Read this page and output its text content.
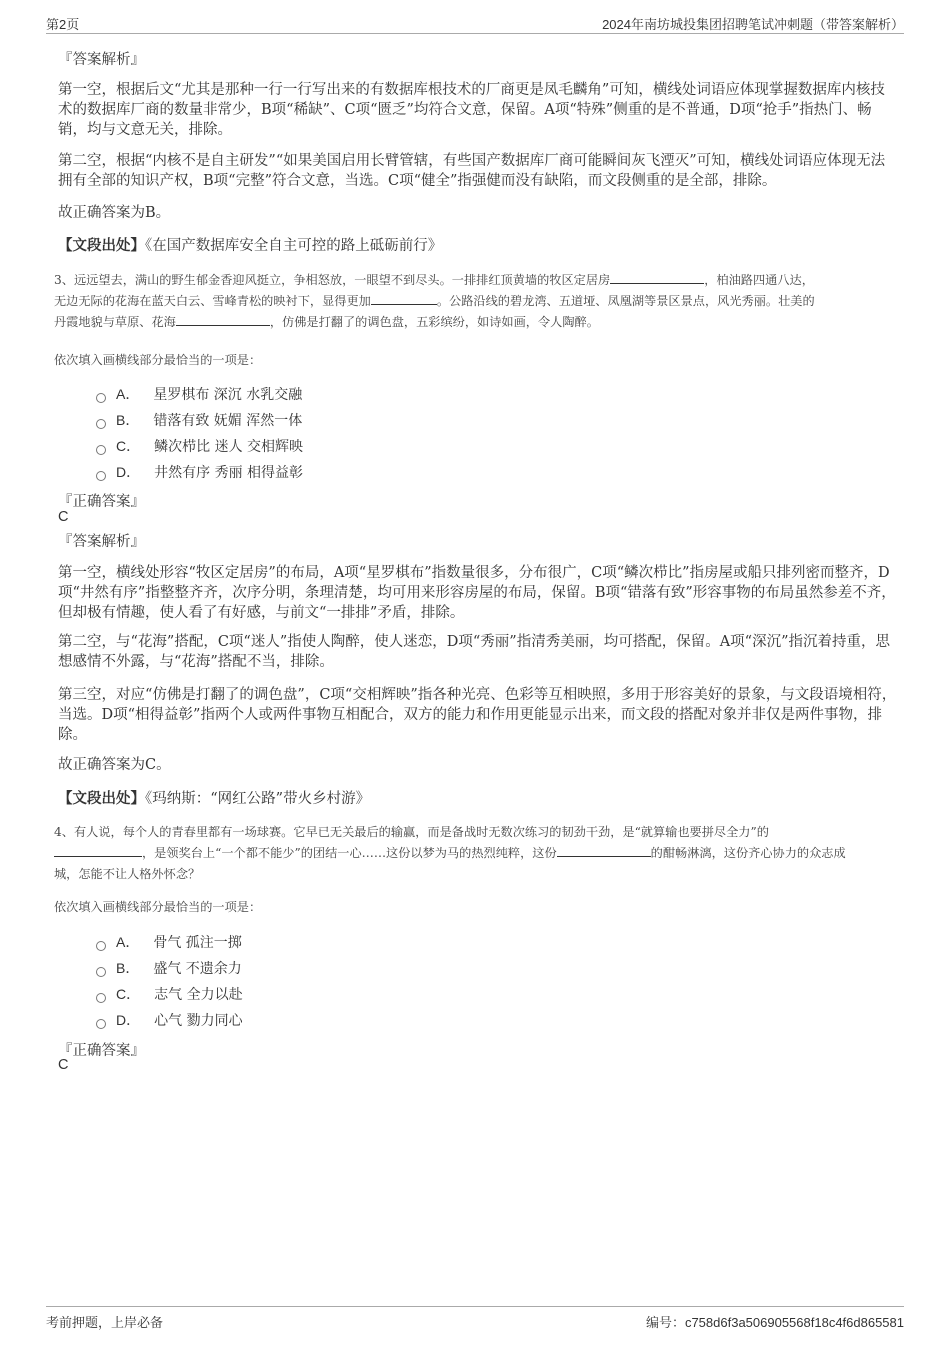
第2页	2024年南坊城投集团招聘笔试冲刺题（带答案解析）
『答案解析』
第一空，根据后文“尤其是那种一行一行写出来的有数据库根技术的厂商更是凤毛麟角”可知，横线处词语应体现掌握数据库内核技术的数据库厂商的数量非常少，B项“稀缺”、C项“匮乏”均符合文意，保留。A项“特殊”侧重的是不普通，D项“抢手”指热门、畅销，均与文意无关，排除。
第二空，根据“内核不是自主研发”“如果美国启用长臂管辖，有些国产数据库厂商可能瞬间灰飞湮灭”可知，横线处词语应体现无法拥有全部的知识产权，B项“完整”符合文意，当选。C项“健全”指强健而没有缺陷，而文段侧重的是全部，排除。
故正确答案为B。
【文段出处】《在国产数据库安全自主可控的路上砥砺前行》
3、远远望去，满山的野生郁金香迎风挺立，争相怒放，一眼望不到尽头。一排排红顶黄墙的牧区定居房	，柏油路四通八达，
无边无际的花海在蓝天白云、雪峰青松的映衬下，显得更加	。公路沿线的碧龙湾、五道垭、凤凰湖等景区景点，风光秀丽。壮美的
丹霞地貌与草原、花海	，仿佛是打翻了的调色盘，五彩缤纷，如诗如画，令人陶醉。
依次填入画横线部分最恰当的一项是：
A． 星罗棋布 深沉 水乳交融
B． 错落有致 妩媚 浑然一体
C． 鳞次栉比 迷人 交相辉映
D． 井然有序 秀丽 相得益彰
『正确答案』
C
『答案解析』
第一空，横线处形容“牧区定居房”的布局，A项“星罗棋布”指数量很多，分布很广，C项“鳞次栉比”指房屋或船只排列密而整齐，D项“井然有序”指整整齐齐，次序分明，条理清楚，均可用来形容房屋的布局，保留。B项“错落有致”形容事物的布局虽然参差不齐，但却极有情趣，使人看了有好感，与前文“一排排”矛盾，排除。
第二空，与“花海”搭配，C项“迷人”指使人陶醉，使人迷恋，D项“秀丽”指清秀美丽，均可搭配，保留。A项“深沉”指沉着持重，思想感情不外露，与“花海”搭配不当，排除。
第三空，对应“仿佛是打翻了的调色盘”，C项“交相辉映”指各种光亮、色彩等互相映照，多用于形容美好的景象，与文段语境相符，当选。D项“相得益彰”指两个人或两件事物互相配合，双方的能力和作用更能显示出来，而文段的搭配对象并非仅是两件事物，排除。
故正确答案为C。
【文段出处】《玛纳斯：“网红公路”带火乡村游》
4、有人说，每个人的青春里都有一场球赛。它早已无关最后的输赢，而是备战时无数次练习的韧劲干劲，是“就算输也要拼尽全力”的
，是领奖台上“一个都不能少”的团结一心……这份以梦为马的热烈纯粹，这份	的酣畅淋漓，这份齐心协力的众志成
城，怎能不让人格外怀念？
依次填入画横线部分最恰当的一项是：
A． 骨气 孤注一掷
B． 盛气 不遗余力
C． 志气 全力以赴
D． 心气 勠力同心
『正确答案』
C
考前押题，上岸必备	编号：c758d6f3a506905568f18c4f6d865581
